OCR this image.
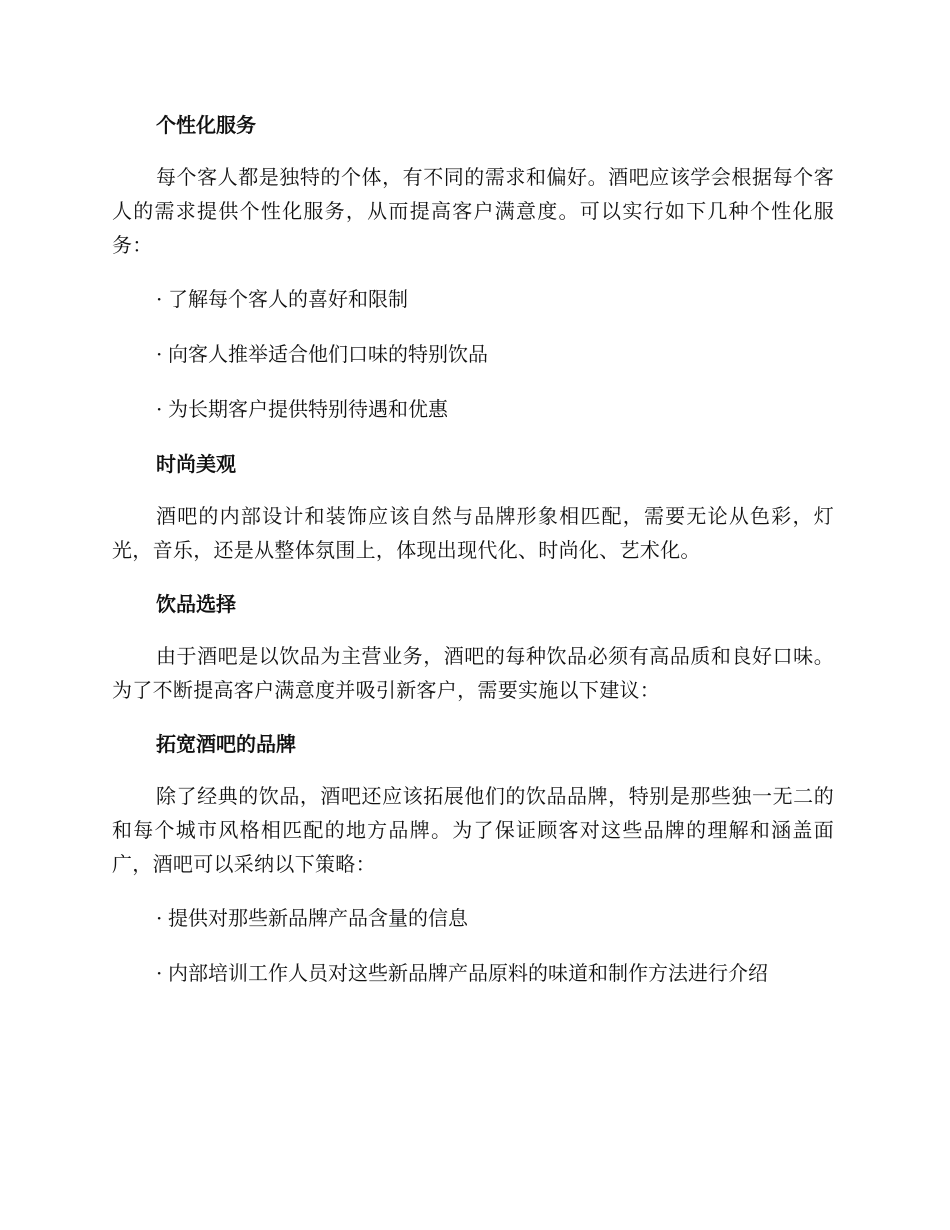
个性化服务
每个客人都是独特的个体，有不同的需求和偏好。酒吧应该学会根据每个客人的需求提供个性化服务，从而提高客户满意度。可以实行如下几种个性化服务：
· 了解每个客人的喜好和限制
· 向客人推举适合他们口味的特别饮品
· 为长期客户提供特别待遇和优惠
时尚美观
酒吧的内部设计和装饰应该自然与品牌形象相匹配，需要无论从色彩，灯光，音乐，还是从整体氛围上，体现出现代化、时尚化、艺术化。
饮品选择
由于酒吧是以饮品为主营业务，酒吧的每种饮品必须有高品质和良好口味。为了不断提高客户满意度并吸引新客户，需要实施以下建议：
拓宽酒吧的品牌
除了经典的饮品，酒吧还应该拓展他们的饮品品牌，特别是那些独一无二的和每个城市风格相匹配的地方品牌。为了保证顾客对这些品牌的理解和涵盖面广，酒吧可以采纳以下策略：
· 提供对那些新品牌产品含量的信息
· 内部培训工作人员对这些新品牌产品原料的味道和制作方法进行介绍
